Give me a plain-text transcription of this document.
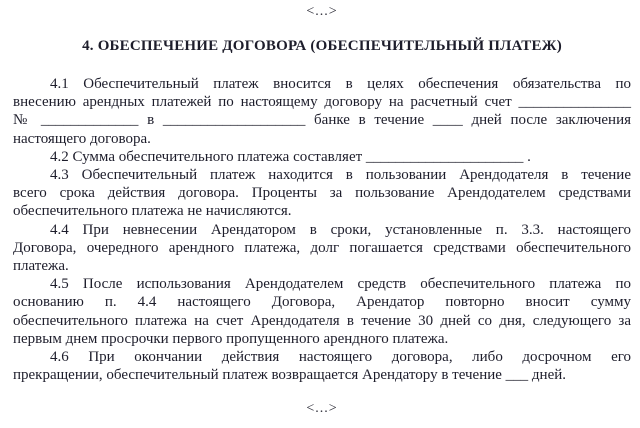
<...>
4. ОБЕСПЕЧЕНИЕ ДОГОВОРА (ОБЕСПЕЧИТЕЛЬНЫЙ ПЛАТЕЖ)
4.1 Обеспечительный платеж вносится в целях обеспечения обязательства по
внесению арендных платежей по настоящему договору на расчетный счет _______________
№ _____________ в ___________________ банке в течение ____ дней после заключения
настоящего договора.
4.2 Сумма обеспечительного платежа составляет _____________________ .
4.3 Обеспечительный платеж находится в пользовании Арендодателя в течение
всего срока действия договора. Проценты за пользование Арендодателем средствами
обеспечительного платежа не начисляются.
4.4 При невнесении Арендатором в сроки, установленные п. 3.3. настоящего
Договора, очередного арендного платежа, долг погашается средствами обеспечительного
платежа.
4.5 После использования Арендодателем средств обеспечительного платежа по
основанию п. 4.4 настоящего Договора, Арендатор повторно вносит сумму
обеспечительного платежа на счет Арендодателя в течение 30 дней со дня, следующего за
первым днем просрочки первого пропущенного арендного платежа.
4.6 При окончании действия настоящего договора, либо досрочном его
прекращении, обеспечительный платеж возвращается Арендатору в течение ___ дней.
<...>
